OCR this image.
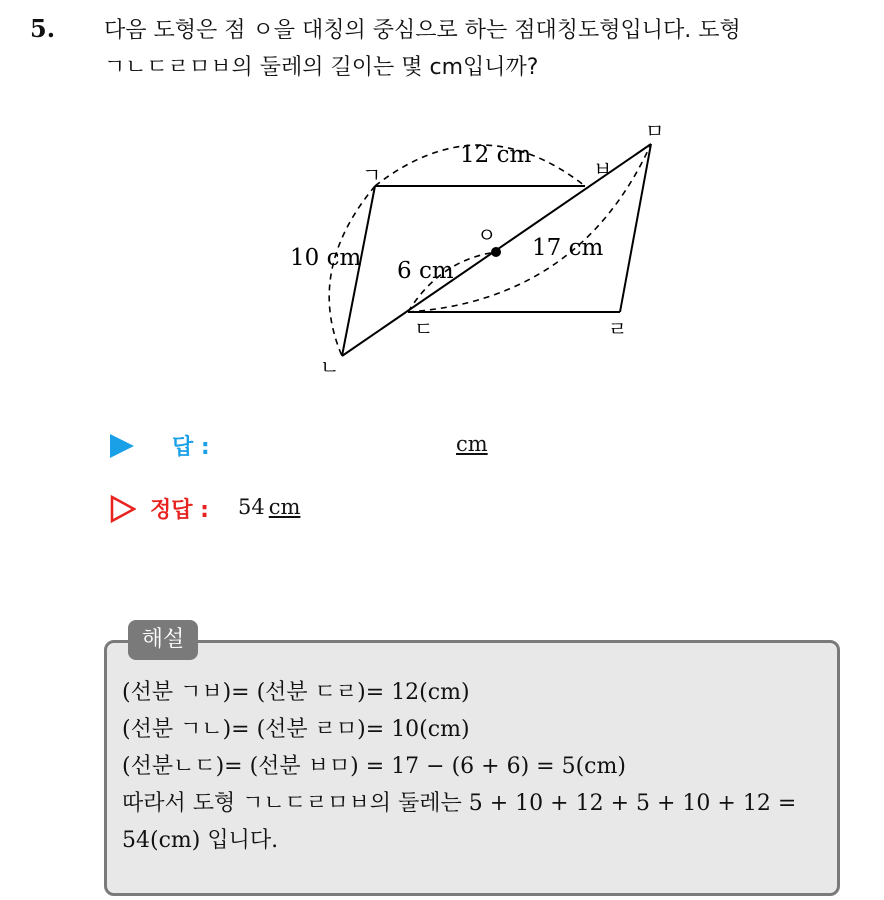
5. 다음 도형은 점 ㅇ을 대칭의 중심으로 하는 점대칭도형입니다. 도형
ㄱㄴㄷㄹㅁㅂ의 둘레의 길이는 몇 cm입니까?
12 cm
10 cm 6 cm
17 cm
ㄱ
ㄴ
ㄷ	ㄹ
ㅁ
ㅂ
ㅇ
답 :	cm
정답 : 54 cm
해설
(선분 ㄱㅂ)= (선분 ㄷㄹ)= 12(cm)
(선분 ㄱㄴ)= (선분 ㄹㅁ)= 10(cm)
(선분ㄴㄷ)= (선분 ㅂㅁ) = 17 − (6 + 6) = 5(cm)
따라서 도형 ㄱㄴㄷㄹㅁㅂ의 둘레는 5 + 10 + 12 + 5 + 10 + 12 =
54(cm) 입니다.
